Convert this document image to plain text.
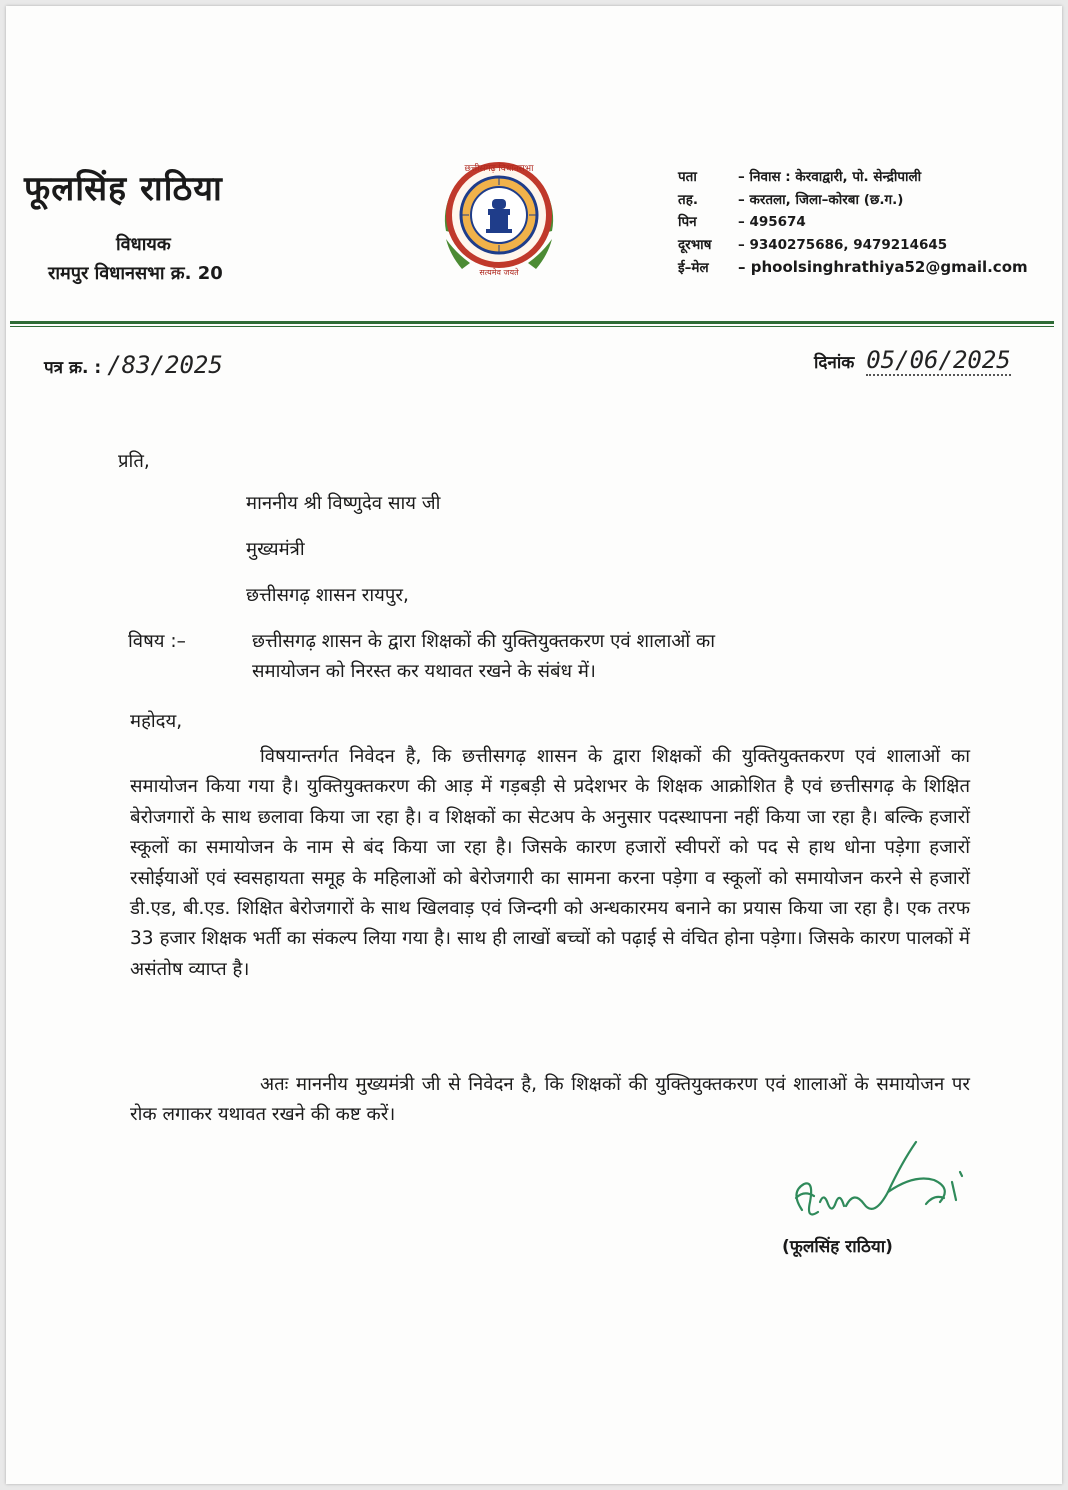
फूलसिंह राठिया
विधायक
रामपुर विधानसभा क्र. 20
छत्तीसगढ़ विधानसभा
सत्यमेव जयते
पता	– निवास : केरवाद्वारी, पो. सेन्द्रीपाली
तह.	– करतला, जिला–कोरबा (छ.ग.)
पिन	– 495674
दूरभाष – 9340275686, 9479214645
ई–मेल – phoolsinghrathiya52@gmail.com
पत्र क्र. : /83/2025	दिनांक 05/06/2025
प्रति,
माननीय श्री विष्णुदेव साय जी
मुख्यमंत्री
छत्तीसगढ़ शासन रायपुर,
विषय :–	छत्तीसगढ़ शासन के द्वारा शिक्षकों की युक्तियुक्तकरण एवं शालाओं का
समायोजन को निरस्त कर यथावत रखने के संबंध में।
महोदय,
विषयान्तर्गत निवेदन है, कि छत्तीसगढ़ शासन के द्वारा शिक्षकों की युक्तियुक्तकरण एवं शालाओं का समायोजन किया गया है। युक्तियुक्तकरण की आड़ में गड़बड़ी से प्रदेशभर के शिक्षक आक्रोशित है एवं छत्तीसगढ़ के शिक्षित बेरोजगारों के साथ छलावा किया जा रहा है। व शिक्षकों का सेटअप के अनुसार पदस्थापना नहीं किया जा रहा है। बल्कि हजारों स्कूलों का समायोजन के नाम से बंद किया जा रहा है। जिसके कारण हजारों स्वीपरों को पद से हाथ धोना पड़ेगा हजारों रसोईयाओं एवं स्वसहायता समूह के महिलाओं को बेरोजगारी का सामना करना पड़ेगा व स्कूलों को समायोजन करने से हजारों डी.एड, बी.एड. शिक्षित बेरोजगारों के साथ खिलवाड़ एवं जिन्दगी को अन्धकारमय बनाने का प्रयास किया जा रहा है। एक तरफ 33 हजार शिक्षक भर्ती का संकल्प लिया गया है। साथ ही लाखों बच्चों को पढ़ाई से वंचित होना पड़ेगा। जिसके कारण पालकों में असंतोष व्याप्त है।
अतः माननीय मुख्यमंत्री जी से निवेदन है, कि शिक्षकों की युक्तियुक्तकरण एवं शालाओं के समायोजन पर रोक लगाकर यथावत रखने की कष्ट करें।
(फूलसिंह राठिया)
